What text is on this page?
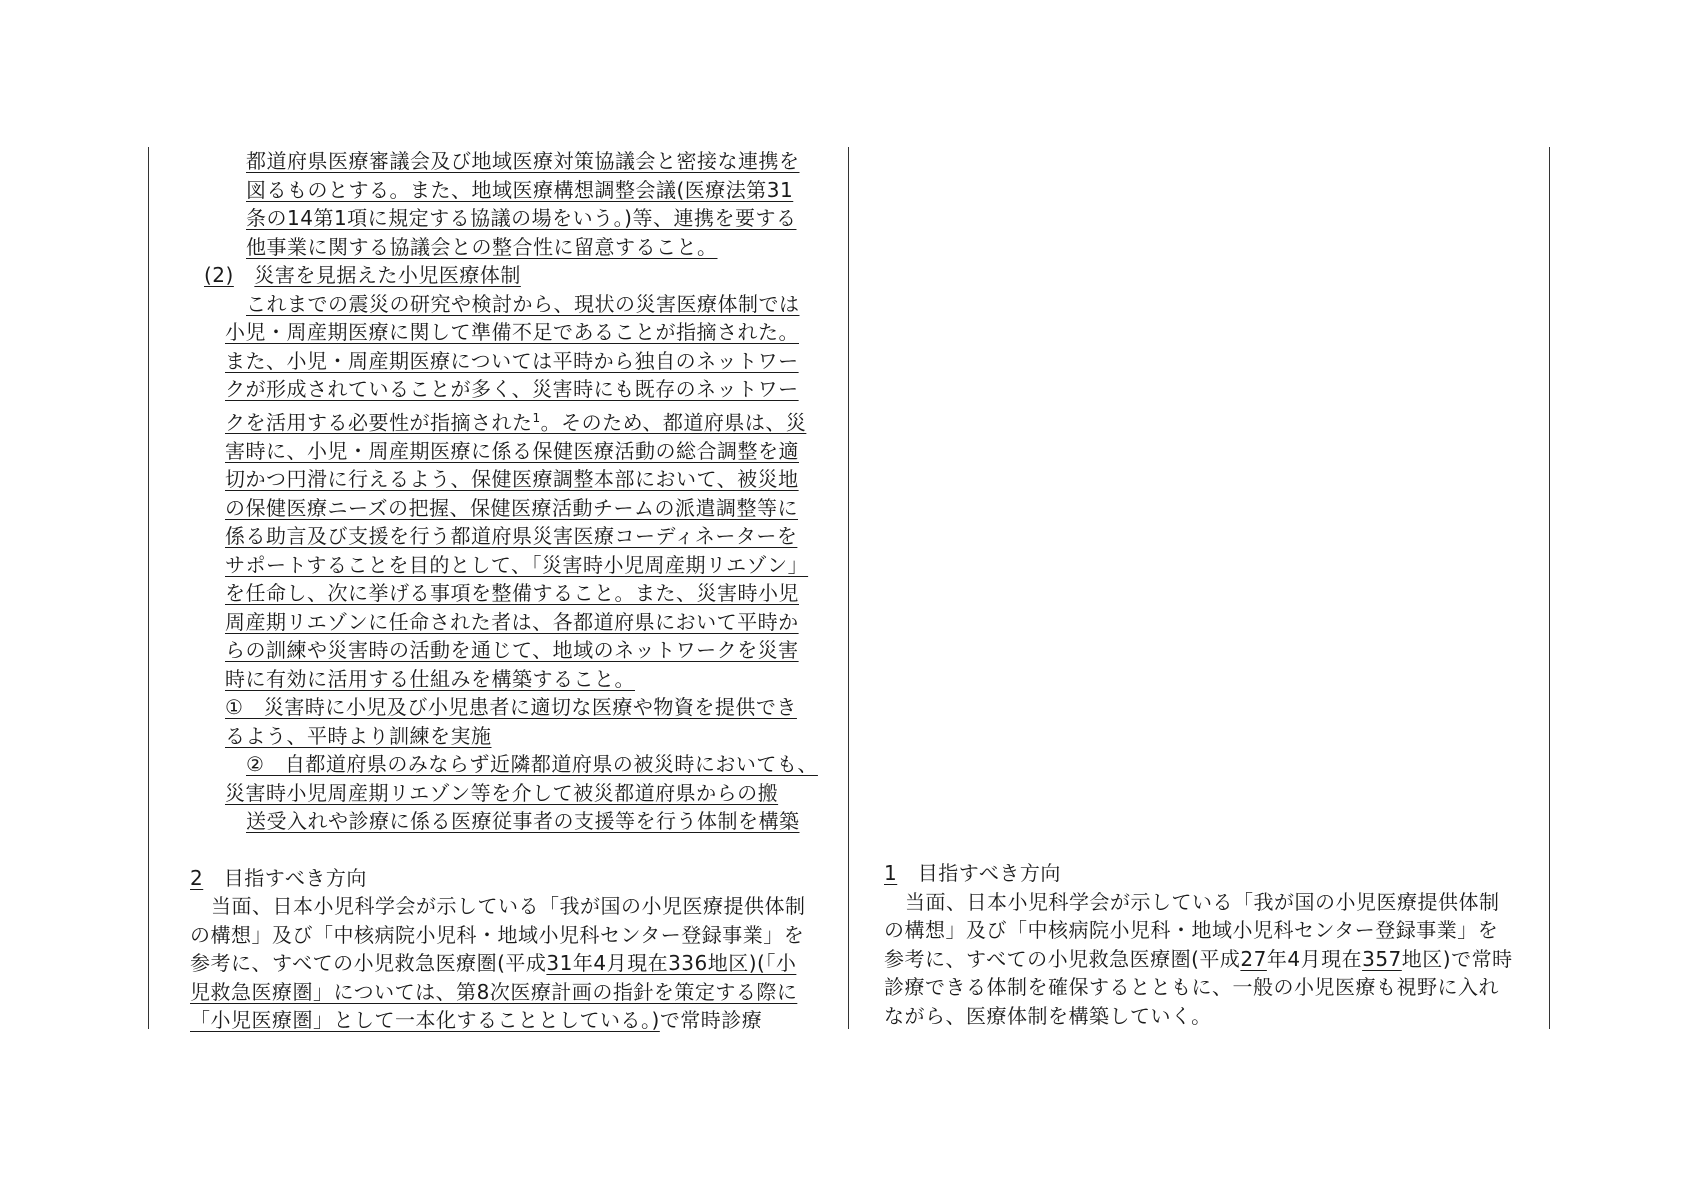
都道府県医療審議会及び地域医療対策協議会と密接な連携を

図るものとする。また、地域医療構想調整会議(医療法第31

条の14第1項に規定する協議の場をいう。)等、連携を要する

他事業に関する協議会との整合性に留意すること。

(2)　 災害を見据えた小児医療体制

これまでの震災の研究や検討から、現状の災害医療体制では

小児・周産期医療に関して準備不足であることが指摘された。

また、小児・周産期医療については平時から独自のネットワー

クが形成されていることが多く、災害時にも既存のネットワー

クを活用する必要性が指摘された$^1$。そのため、都道府県は、災

害時に、小児・周産期医療に係る保健医療活動の総合調整を適

切かつ円滑に行えるよう、保健医療調整本部において、被災地

の保健医療ニーズの把握、保健医療活動チームの派遣調整等に

係る助言及び支援を行う都道府県災害医療コーディネーターを

サポートすることを目的として、「災害時小児周産期リエゾン」

を任命し、次に挙げる事項を整備すること。また、災害時小児

周産期リエゾンに任命された者は、各都道府県において平時か

らの訓練や災害時の活動を通じて、地域のネットワークを災害

時に有効に活用する仕組みを構築すること。

①　災害時に小児及び小児患者に適切な医療や物資を提供でき

るよう、平時より訓練を実施

②　自都道府県のみならず近隣都道府県の被災時においても、

災害時小児周産期リエゾン等を介して被災都道府県からの搬

送受入れや診療に係る医療従事者の支援等を行う体制を構築

2　 目指すべき方向

当面、日本小児科学会が示している「我が国の小児医療提供体制

の構想」及び「中核病院小児科・地域小児科センター登録事業」を

参考に、すべての小児救急医療圏(平成31年4月現在336地区)(「小

児救急医療圏」については、第8次医療計画の指針を策定する際に

「小児医療圏」として一本化することとしている。)で常時診療

1　 目指すべき方向

当面、日本小児科学会が示している「我が国の小児医療提供体制

の構想」及び「中核病院小児科・地域小児科センター登録事業」を

参考に、すべての小児救急医療圏(平成27年4月現在357地区)で常時

診療できる体制を確保するとともに、一般の小児医療も視野に入れ

ながら、医療体制を構築していく。
